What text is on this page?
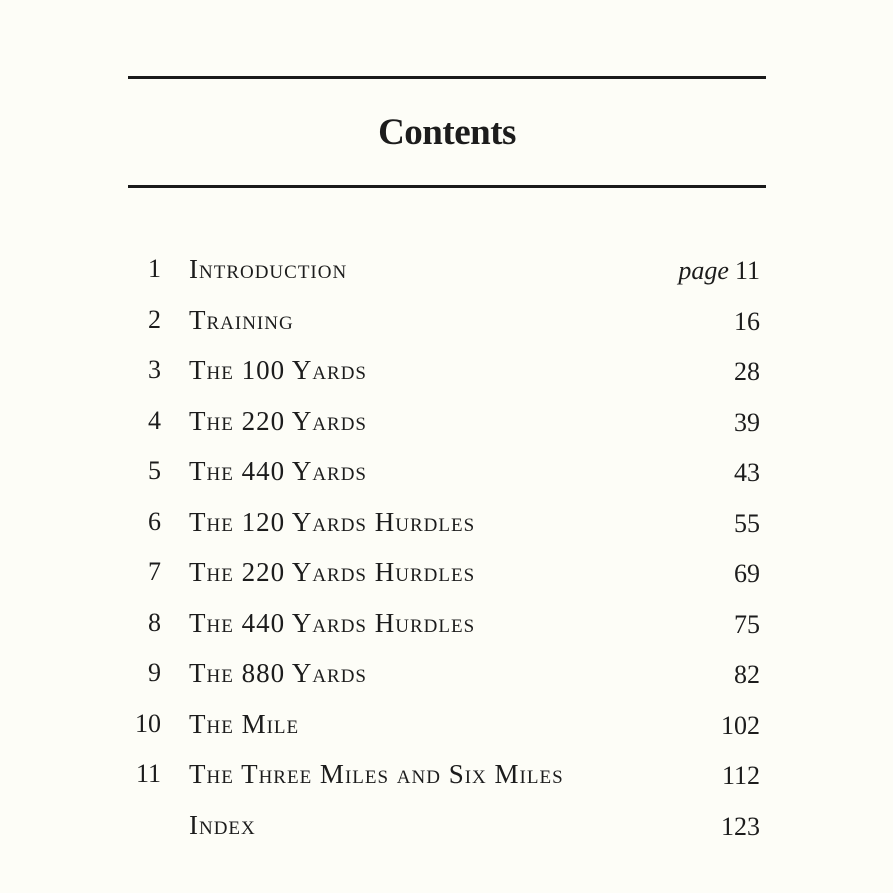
Contents
1 Introduction	page 11
2 Training	16
3 The 100 Yards	28
4 The 220 Yards	39
5 The 440 Yards	43
6 The 120 Yards Hurdles	55
7 The 220 Yards Hurdles	69
8 The 440 Yards Hurdles	75
9 The 880 Yards	82
10 The Mile	102
11 The Three Miles and Six Miles	112
Index	123
